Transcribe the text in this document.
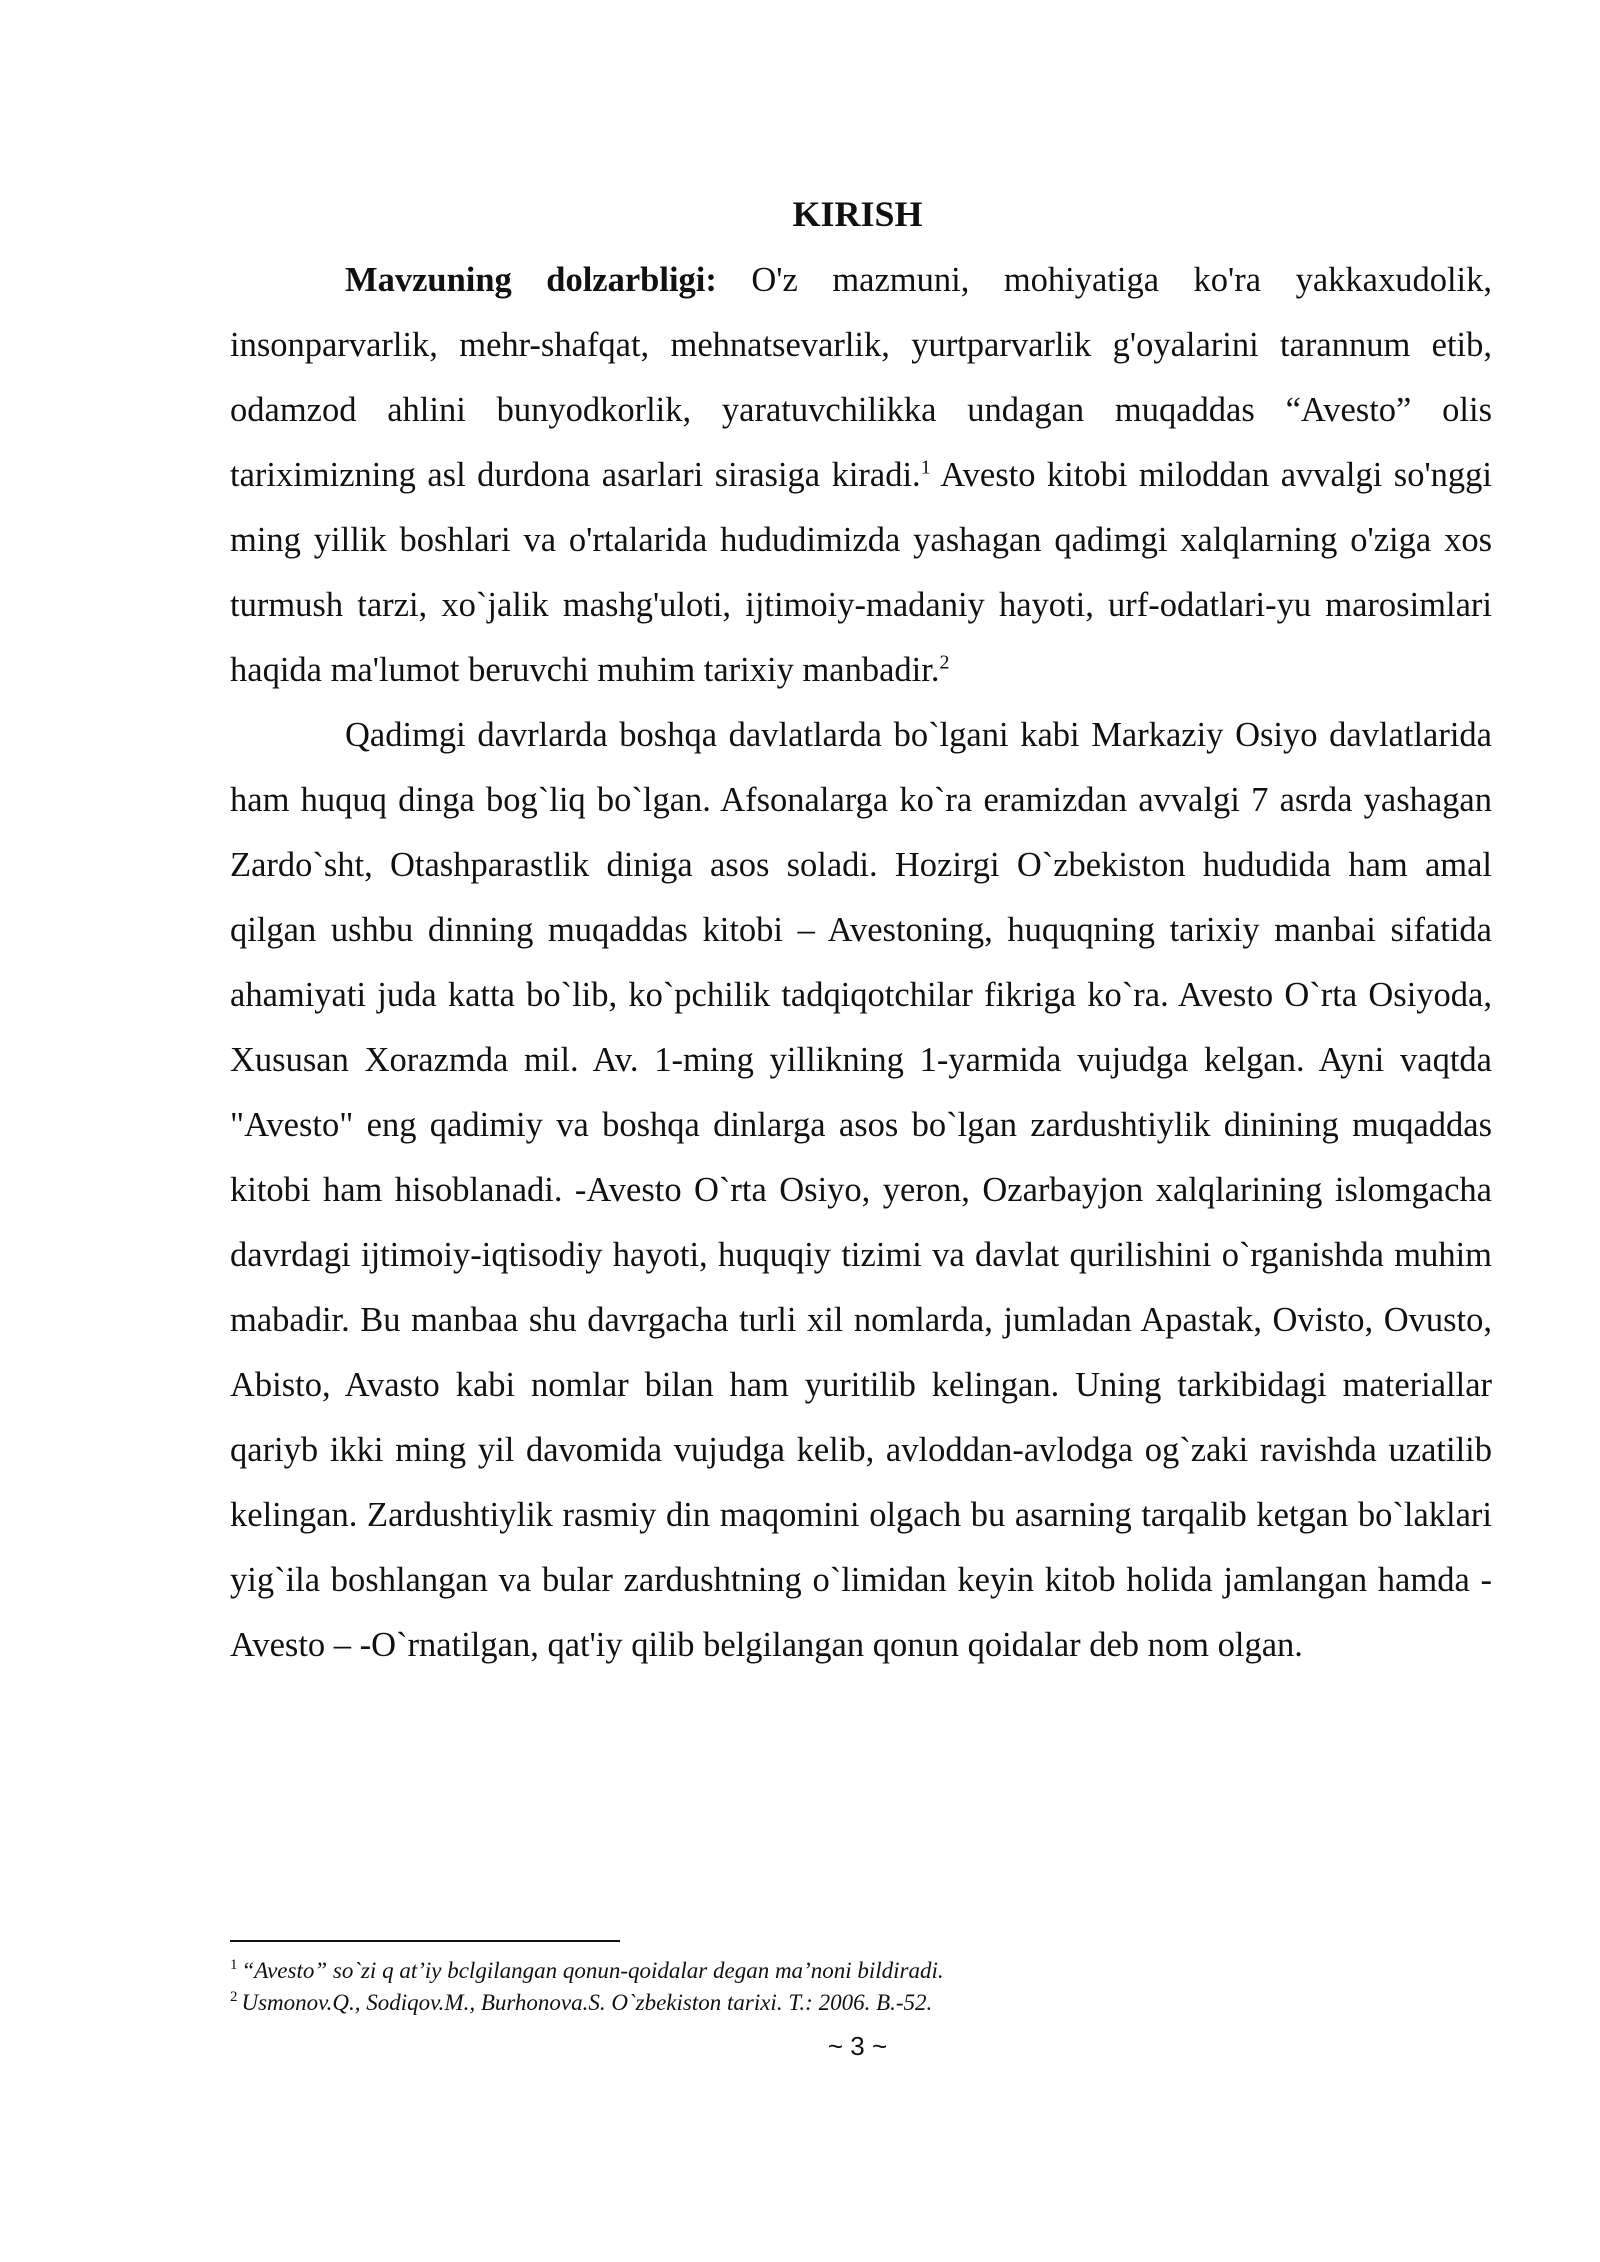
KIRISH

Mavzuning dolzarbligi: O'z mazmuni, mohiyatiga ko'ra yakkaxudolik, insonparvarlik, mehr-shafqat, mehnatsevarlik, yurtparvarlik g'oyalarini tarannum etib, odamzod ahlini bunyodkorlik, yaratuvchilikka undagan muqaddas “Avesto” olis tariximizning asl durdona asarlari sirasiga kiradi.$^1$ Avesto kitobi miloddan avvalgi so'nggi ming yillik boshlari va o'rtalarida hududimizda yashagan qadimgi xalqlarning o'ziga xos turmush tarzi, xo`jalik mashg'uloti, ijtimoiy-madaniy hayoti, urf-odatlari-yu marosimlari haqida ma'lumot beruvchi muhim tarixiy manbadir.$^2$

Qadimgi davrlarda boshqa davlatlarda bo`lgani kabi Markaziy Osiyo davlatlarida ham huquq dinga bog`liq bo`lgan. Afsonalarga ko`ra eramizdan avvalgi 7 asrda yashagan Zardo`sht, Otashparastlik diniga asos soladi. Hozirgi O`zbekiston hududida ham amal qilgan ushbu dinning muqaddas kitobi – Avestoning, huquqning tarixiy manbai sifatida ahamiyati juda katta bo`lib, ko`pchilik tadqiqotchilar fikriga ko`ra. Avesto O`rta Osiyoda, Xususan Xorazmda mil. Av. 1-ming yillikning 1-yarmida vujudga kelgan. Ayni vaqtda "Avesto" eng qadimiy va boshqa dinlarga asos bo`lgan zardushtiylik dinining muqaddas kitobi ham hisoblanadi. -Avesto O`rta Osiyo, yeron, Ozarbayjon xalqlarining islomgacha davrdagi ijtimoiy-iqtisodiy hayoti, huquqiy tizimi va davlat qurilishini o`rganishda muhim mabadir. Bu manbaa shu davrgacha turli xil nomlarda, jumladan Apastak, Ovisto, Ovusto, Abisto, Avasto kabi nomlar bilan ham yuritilib kelingan. Uning tarkibidagi materiallar qariyb ikki ming yil davomida vujudga kelib, avloddan-avlodga og`zaki ravishda uzatilib kelingan. Zardushtiylik rasmiy din maqomini olgach bu asarning tarqalib ketgan bo`laklari yig`ila boshlangan va bular zardushtning o`limidan keyin kitob holida jamlangan hamda -Avesto – -O`rnatilgan, qat'iy qilib belgilangan qonun qoidalar deb nom olgan.

$^1$ “Avesto” so`zi q at’iy bclgilangan qonun-qoidalar degan ma’noni bildiradi.

$^2$ Usmonov.Q., Sodiqov.M., Burhonova.S. O`zbekiston tarixi. T.: 2006. B.-52.

~ 3 ~
